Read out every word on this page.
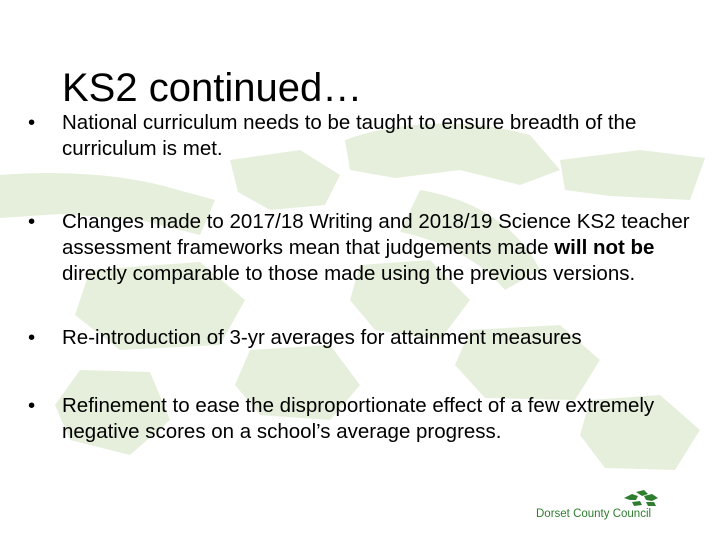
KS2 continued…
• National curriculum needs to be taught to ensure breadth of the curriculum is met.
• Changes made to 2017/18 Writing and 2018/19 Science KS2 teacher assessment frameworks mean that judgements made will not be directly comparable to those made using the previous versions.
• Re-introduction of 3-yr averages for attainment measures
• Refinement to ease the disproportionate effect of a few extremely negative scores on a school’s average progress.
Dorset County Council
